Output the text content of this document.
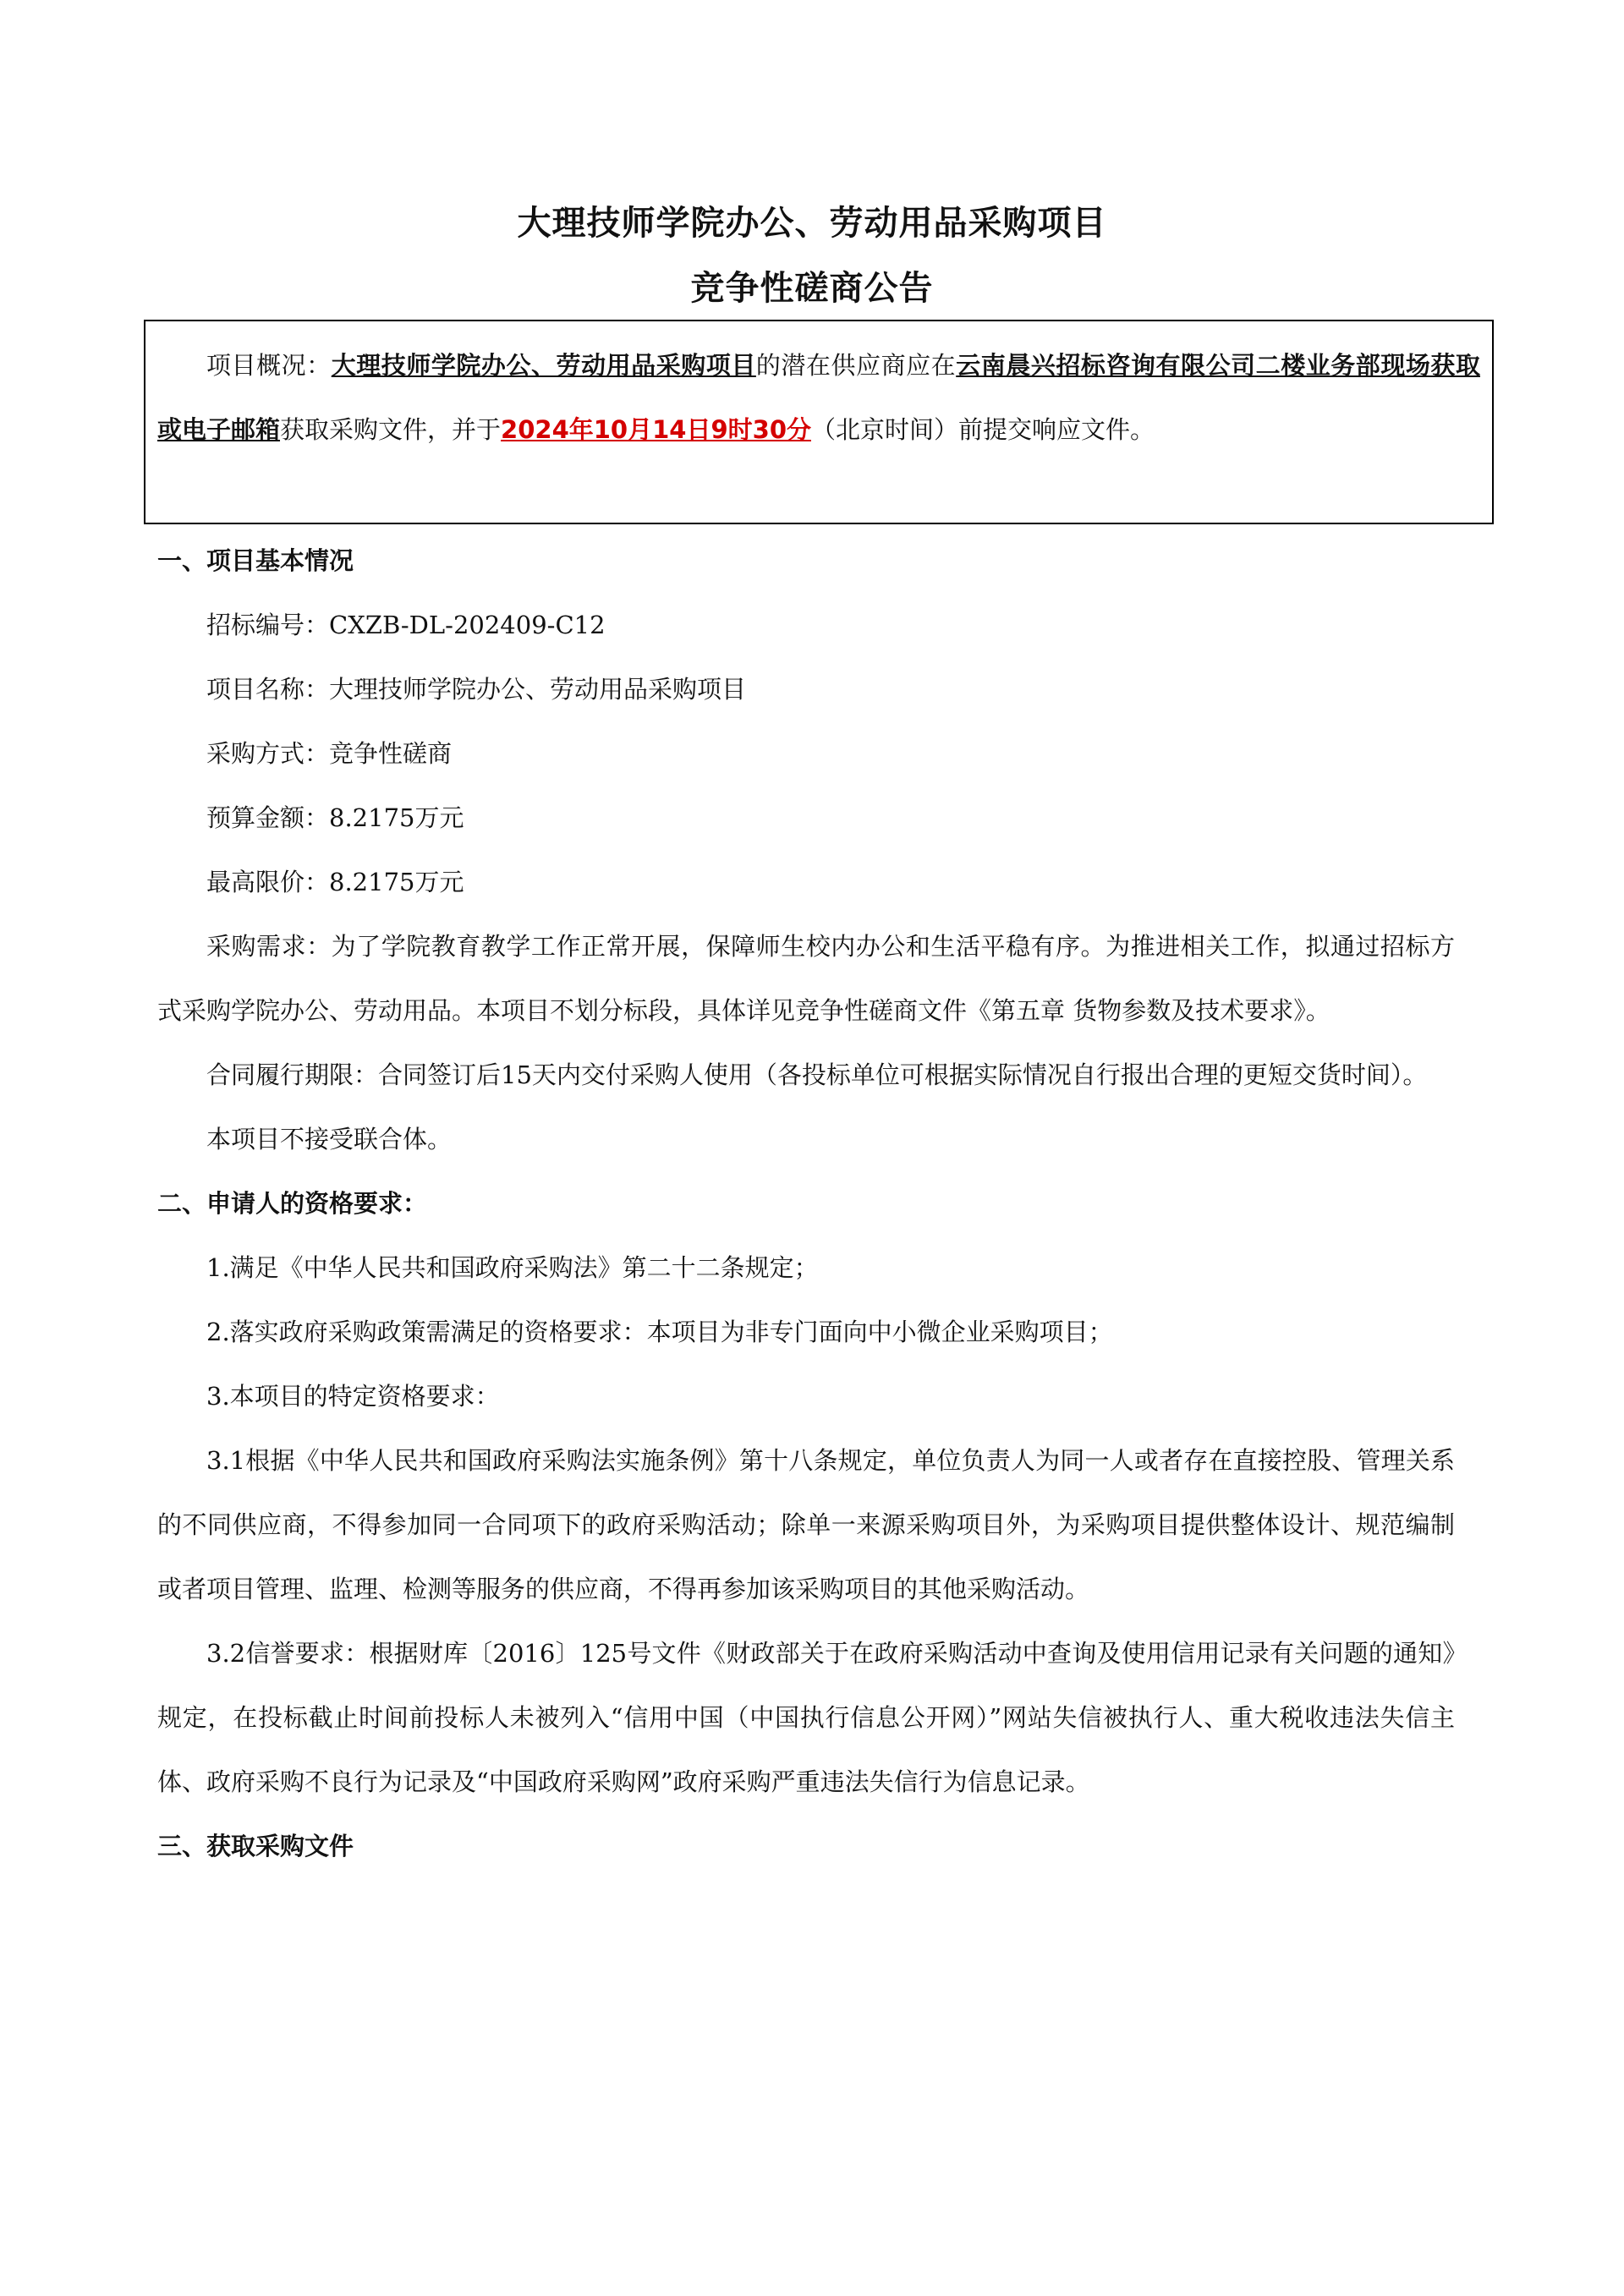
大理技师学院办公、劳动用品采购项目
竞争性磋商公告

项目概况：大理技师学院办公、劳动用品采购项目的潜在供应商应在云南晨兴招标咨询有限公司二楼业务部现场获取或电子邮箱获取采购文件，并于2024年10月14日9时30分（北京时间）前提交响应文件。

一、项目基本情况

招标编号：CXZB-DL-202409-C12

项目名称：大理技师学院办公、劳动用品采购项目

采购方式：竞争性磋商

预算金额：8.2175万元

最高限价：8.2175万元

采购需求：为了学院教育教学工作正常开展，保障师生校内办公和生活平稳有序。为推进相关工作，拟通过招标方式采购学院办公、劳动用品。本项目不划分标段，具体详见竞争性磋商文件《第五章 货物参数及技术要求》。

合同履行期限：合同签订后15天内交付采购人使用（各投标单位可根据实际情况自行报出合理的更短交货时间）。

本项目不接受联合体。

二、申请人的资格要求：

1.满足《中华人民共和国政府采购法》第二十二条规定；

2.落实政府采购政策需满足的资格要求：本项目为非专门面向中小微企业采购项目；

3.本项目的特定资格要求：

3.1根据《中华人民共和国政府采购法实施条例》第十八条规定，单位负责人为同一人或者存在直接控股、管理关系的不同供应商，不得参加同一合同项下的政府采购活动；除单一来源采购项目外，为采购项目提供整体设计、规范编制或者项目管理、监理、检测等服务的供应商，不得再参加该采购项目的其他采购活动。

3.2信誉要求：根据财库〔2016〕125号文件《财政部关于在政府采购活动中查询及使用信用记录有关问题的通知》规定，在投标截止时间前投标人未被列入“信用中国（中国执行信息公开网）”网站失信被执行人、重大税收违法失信主体、政府采购不良行为记录及“中国政府采购网”政府采购严重违法失信行为信息记录。

三、获取采购文件
